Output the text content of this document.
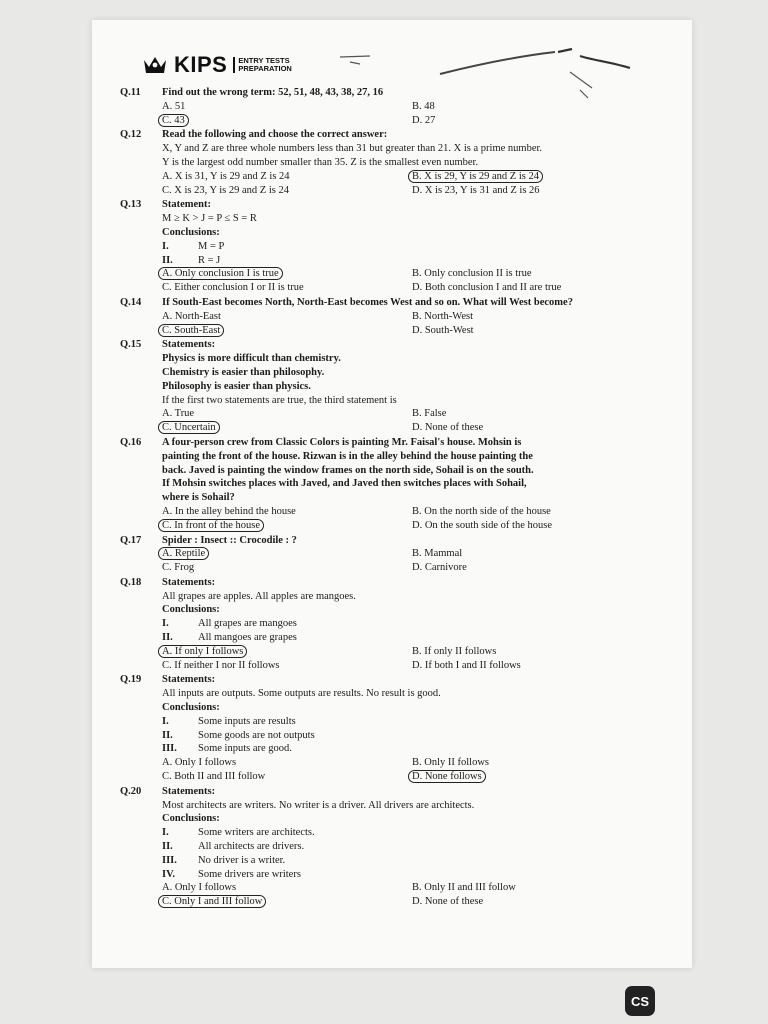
KIPS	ENTRY TESTS
PREPARATION
Q.11 Find out the wrong term: 52, 51, 48, 43, 38, 27, 16
A. 51	B. 48
C. 43	D. 27
Q.12 Read the following and choose the correct answer:
X, Y and Z are three whole numbers less than 31 but greater than 21. X is a prime number.
Y is the largest odd number smaller than 35. Z is the smallest even number.
A. X is 31, Y is 29 and Z is 24	B. X is 29, Y is 29 and Z is 24
C. X is 23, Y is 29 and Z is 24	D. X is 23, Y is 31 and Z is 26
Q.13 Statement:
M ≥ K > J = P ≤ S = R
Conclusions:
I.	M = P
II.	R = J
A. Only conclusion I is true	B. Only conclusion II is true
C. Either conclusion I or II is true	D. Both conclusion I and II are true
Q.14 If South-East becomes North, North-East becomes West and so on. What will West become?
A. North-East	B. North-West
C. South-East	D. South-West
Q.15 Statements:
Physics is more difficult than chemistry.
Chemistry is easier than philosophy.
Philosophy is easier than physics.
If the first two statements are true, the third statement is
A. True	B. False
C. Uncertain	D. None of these
Q.16 A four-person crew from Classic Colors is painting Mr. Faisal's house. Mohsin is
painting the front of the house. Rizwan is in the alley behind the house painting the
back. Javed is painting the window frames on the north side, Sohail is on the south.
If Mohsin switches places with Javed, and Javed then switches places with Sohail,
where is Sohail?
A. In the alley behind the house	B. On the north side of the house
C. In front of the house	D. On the south side of the house
Q.17 Spider : Insect :: Crocodile : ?
A. Reptile	B. Mammal
C. Frog	D. Carnivore
Q.18 Statements:
All grapes are apples. All apples are mangoes.
Conclusions:
I.	All grapes are mangoes
II.	All mangoes are grapes
A. If only I follows	B. If only II follows
C. If neither I nor II follows	D. If both I and II follows
Q.19 Statements:
All inputs are outputs. Some outputs are results. No result is good.
Conclusions:
I.	Some inputs are results
II.	Some goods are not outputs
III.	Some inputs are good.
A. Only I follows	B. Only II follows
C. Both II and III follow	D. None follows
Q.20 Statements:
Most architects are writers. No writer is a driver. All drivers are architects.
Conclusions:
I.	Some writers are architects.
II.	All architects are drivers.
III.	No driver is a writer.
IV.	Some drivers are writers
A. Only I follows	B. Only II and III follow
C. Only I and III follow	D. None of these
CS
